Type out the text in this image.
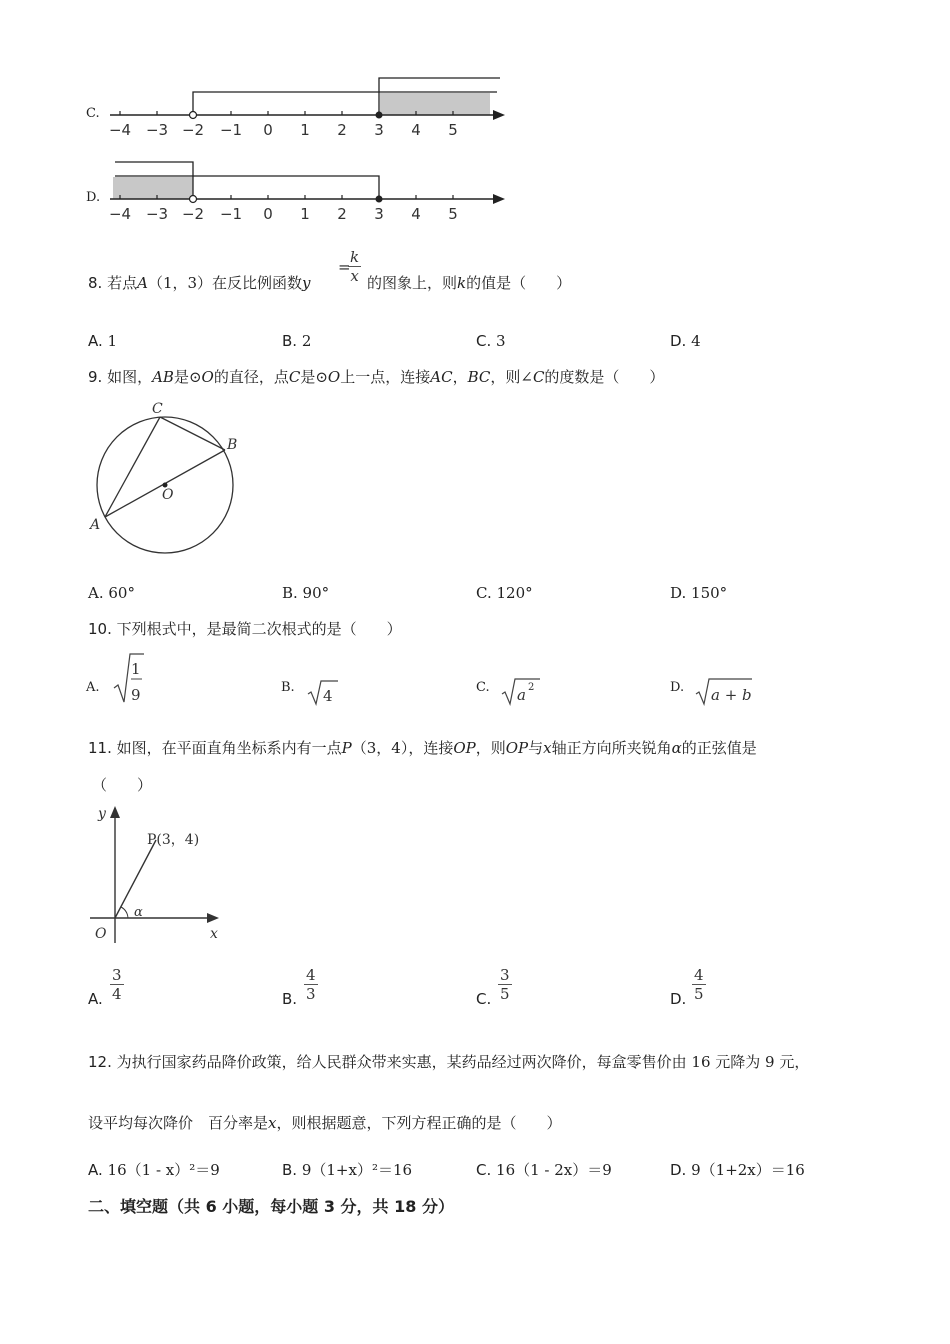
C.
−4 −3 −2 −1 0 1 2 3 4 5
D.
−4 −3 −2 −1 0 1 2 3 4 5
8. 若点A（1，3）在反比例函数y
=
k
x 的图象上，则k的值是（　　）
A. 1	B. 2	C. 3	D. 4
9. 如图，AB是⊙O的直径，点C是⊙O上一点，连接AC，BC，则∠C的度数是（　　）
C
B
O
A
A. 60°	B. 90°	C. 120°	D. 150°
10. 下列根式中，是最简二次根式的是（　　）
A.
1
9	B. 4	C. a 2	D. a + b
11. 如图，在平面直角坐标系内有一点P（3，4），连接OP，则OP与x轴正方向所夹锐角α的正弦值是
（　　）
y
x
O
α
P(3，4)
A.
3
4	B.
4
3	C.
3
5	D.
4
5
12. 为执行国家药品降价政策，给人民群众带来实惠，某药品经过两次降价，每盒零售价由 16 元降为 9 元，
设平均每次降价　百分率是x，则根据题意，下列方程正确的是（　　）
A. 16（1 - x）²＝9	B. 9（1+x）²＝16	C. 16（1 - 2x）＝9	D. 9（1+2x）＝16
二、填空题（共 6 小题，每小题 3 分，共 18 分）
